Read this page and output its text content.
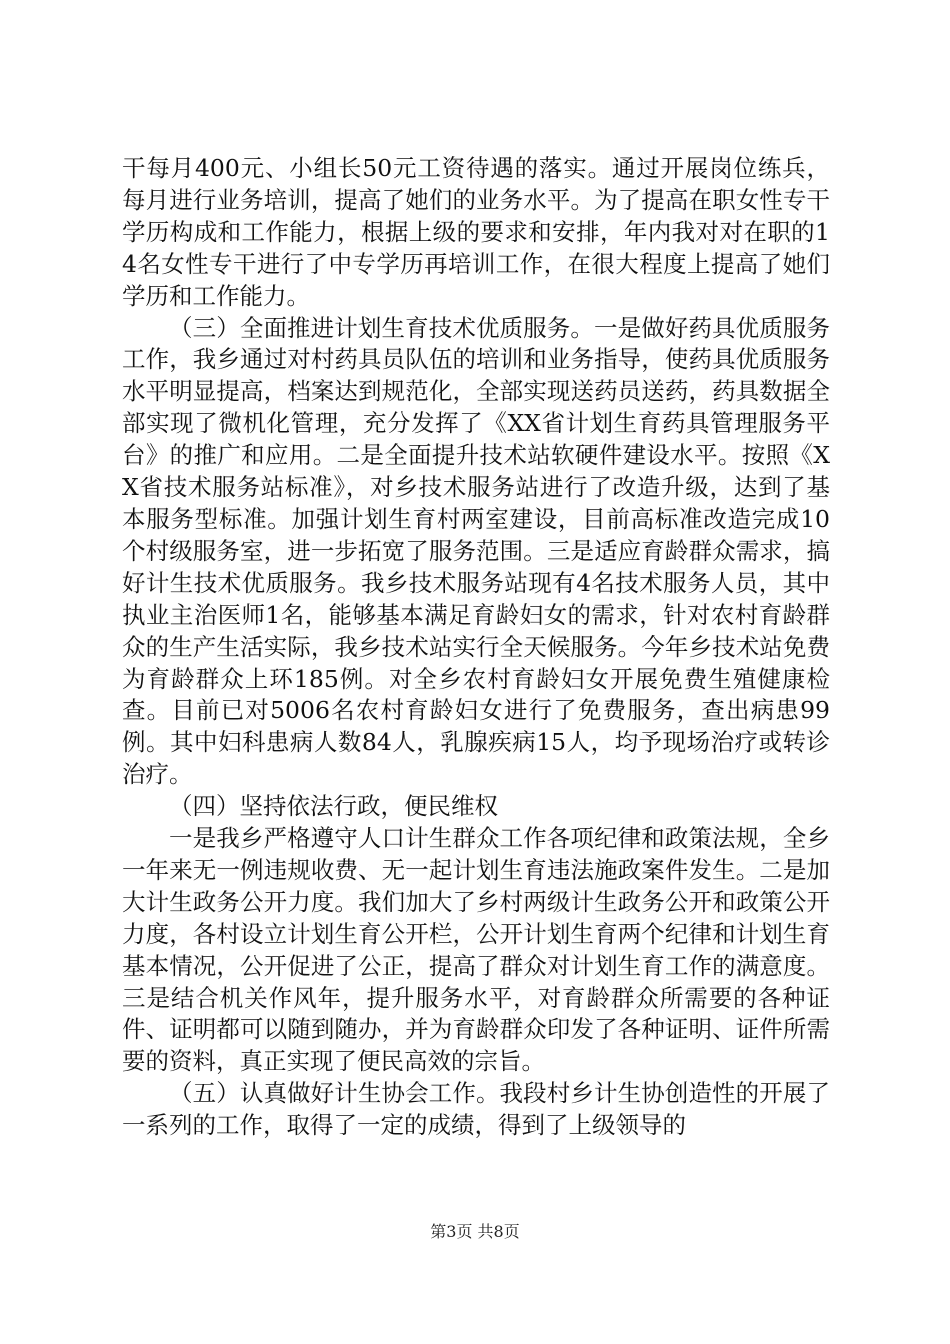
干每月400元、小组长50元工资待遇的落实。通过开展岗位练兵，每月进行业务培训，提高了她们的业务水平。为了提高在职女性专干学历构成和工作能力，根据上级的要求和安排，年内我对对在职的14名女性专干进行了中专学历再培训工作，在很大程度上提高了她们学历和工作能力。

（三）全面推进计划生育技术优质服务。一是做好药具优质服务工作，我乡通过对村药具员队伍的培训和业务指导，使药具优质服务水平明显提高，档案达到规范化，全部实现送药员送药，药具数据全部实现了微机化管理，充分发挥了《XX省计划生育药具管理服务平台》的推广和应用。二是全面提升技术站软硬件建设水平。按照《XX省技术服务站标准》，对乡技术服务站进行了改造升级，达到了基本服务型标准。加强计划生育村两室建设，目前高标准改造完成10个村级服务室，进一步拓宽了服务范围。三是适应育龄群众需求，搞好计生技术优质服务。我乡技术服务站现有4名技术服务人员，其中执业主治医师1名，能够基本满足育龄妇女的需求，针对农村育龄群众的生产生活实际，我乡技术站实行全天候服务。今年乡技术站免费为育龄群众上环185例。对全乡农村育龄妇女开展免费生殖健康检查。目前已对5006名农村育龄妇女进行了免费服务，查出病患99例。其中妇科患病人数84人，乳腺疾病15人，均予现场治疗或转诊治疗。

（四）坚持依法行政，便民维权

一是我乡严格遵守人口计生群众工作各项纪律和政策法规，全乡一年来无一例违规收费、无一起计划生育违法施政案件发生。二是加大计生政务公开力度。我们加大了乡村两级计生政务公开和政策公开力度，各村设立计划生育公开栏，公开计划生育两个纪律和计划生育基本情况，公开促进了公正，提高了群众对计划生育工作的满意度。三是结合机关作风年，提升服务水平，对育龄群众所需要的各种证件、证明都可以随到随办，并为育龄群众印发了各种证明、证件所需要的资料，真正实现了便民高效的宗旨。

（五）认真做好计生协会工作。我段村乡计生协创造性的开展了一系列的工作，取得了一定的成绩，得到了上级领导的

第3页 共8页
